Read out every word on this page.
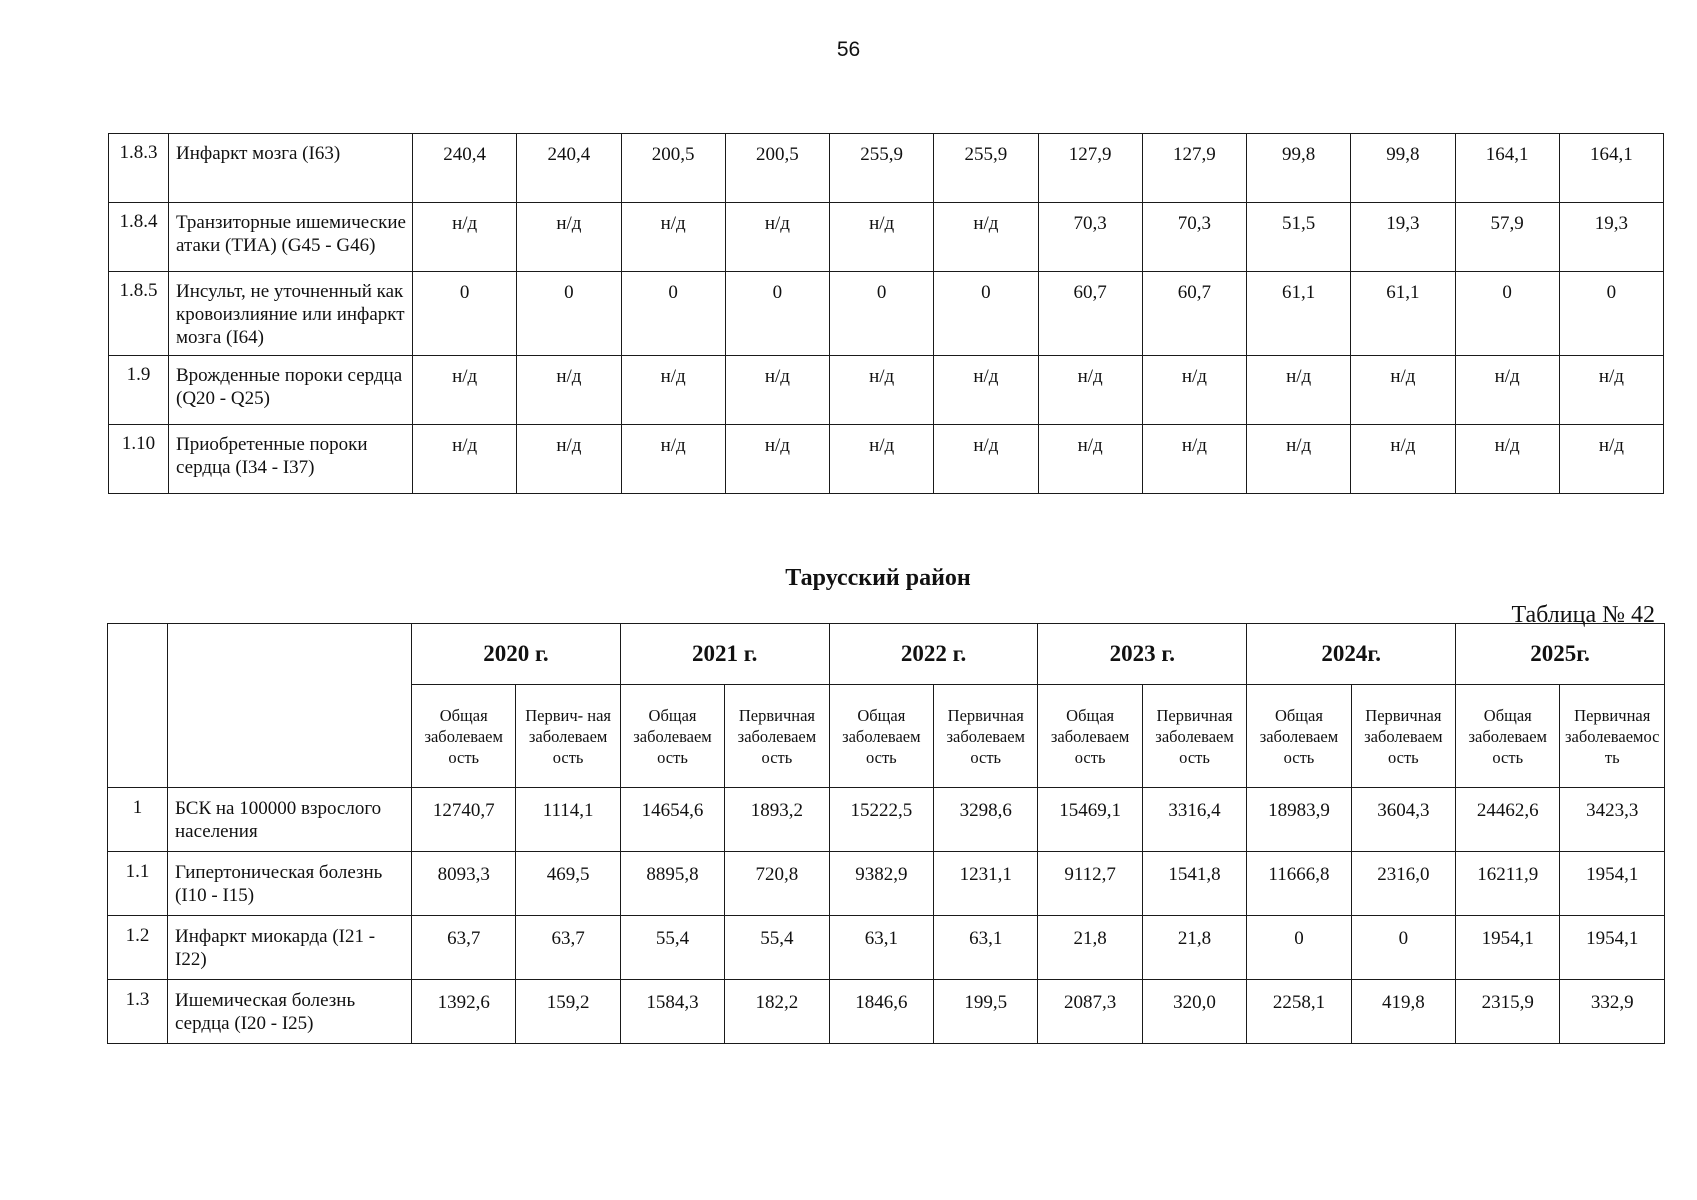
56
1.8.3	Инфаркт мозга (I63)	240,4	240,4	200,5	200,5	255,9	255,9	127,9	127,9	99,8	99,8	164,1	164,1
1.8.4	Транзиторные ишемические атаки (ТИА) (G45 - G46)	н/д	н/д	н/д	н/д	н/д	н/д	70,3	70,3	51,5	19,3	57,9	19,3
1.8.5	Инсульт, не уточненный как кровоизлияние или инфаркт мозга (I64)	0	0	0	0	0	0	60,7	60,7	61,1	61,1	0	0
1.9	Врожденные пороки сердца (Q20 - Q25)	н/д	н/д	н/д	н/д	н/д	н/д	н/д	н/д	н/д	н/д	н/д	н/д
1.10	Приобретенные пороки сердца (I34 - I37)	н/д	н/д	н/д	н/д	н/д	н/д	н/д	н/д	н/д	н/д	н/д	н/д
Тарусский район
Таблица № 42
		2020 г.		2021 г.		2022 г.		2023 г.		2024г.		2025г.	
		Общая заболеваем ость	Первич- ная заболеваем ость	Общая заболеваем ость	Первичная заболеваем ость	Общая заболеваем ость	Первичная заболеваем ость	Общая заболеваем ость	Первичная заболеваем ость	Общая заболеваем ость	Первичная заболеваем ость	Общая заболеваем ость	Первичная заболеваемос ть
1	БСК на 100000 взрослого населения	12740,7	1114,1	14654,6	1893,2	15222,5	3298,6	15469,1	3316,4	18983,9	3604,3	24462,6	3423,3
1.1	Гипертоническая болезнь (I10 - I15)	8093,3	469,5	8895,8	720,8	9382,9	1231,1	9112,7	1541,8	11666,8	2316,0	16211,9	1954,1
1.2	Инфаркт миокарда (I21 - I22)	63,7	63,7	55,4	55,4	63,1	63,1	21,8	21,8	0	0	1954,1	1954,1
1.3	Ишемическая болезнь сердца (I20 - I25)	1392,6	159,2	1584,3	182,2	1846,6	199,5	2087,3	320,0	2258,1	419,8	2315,9	332,9
